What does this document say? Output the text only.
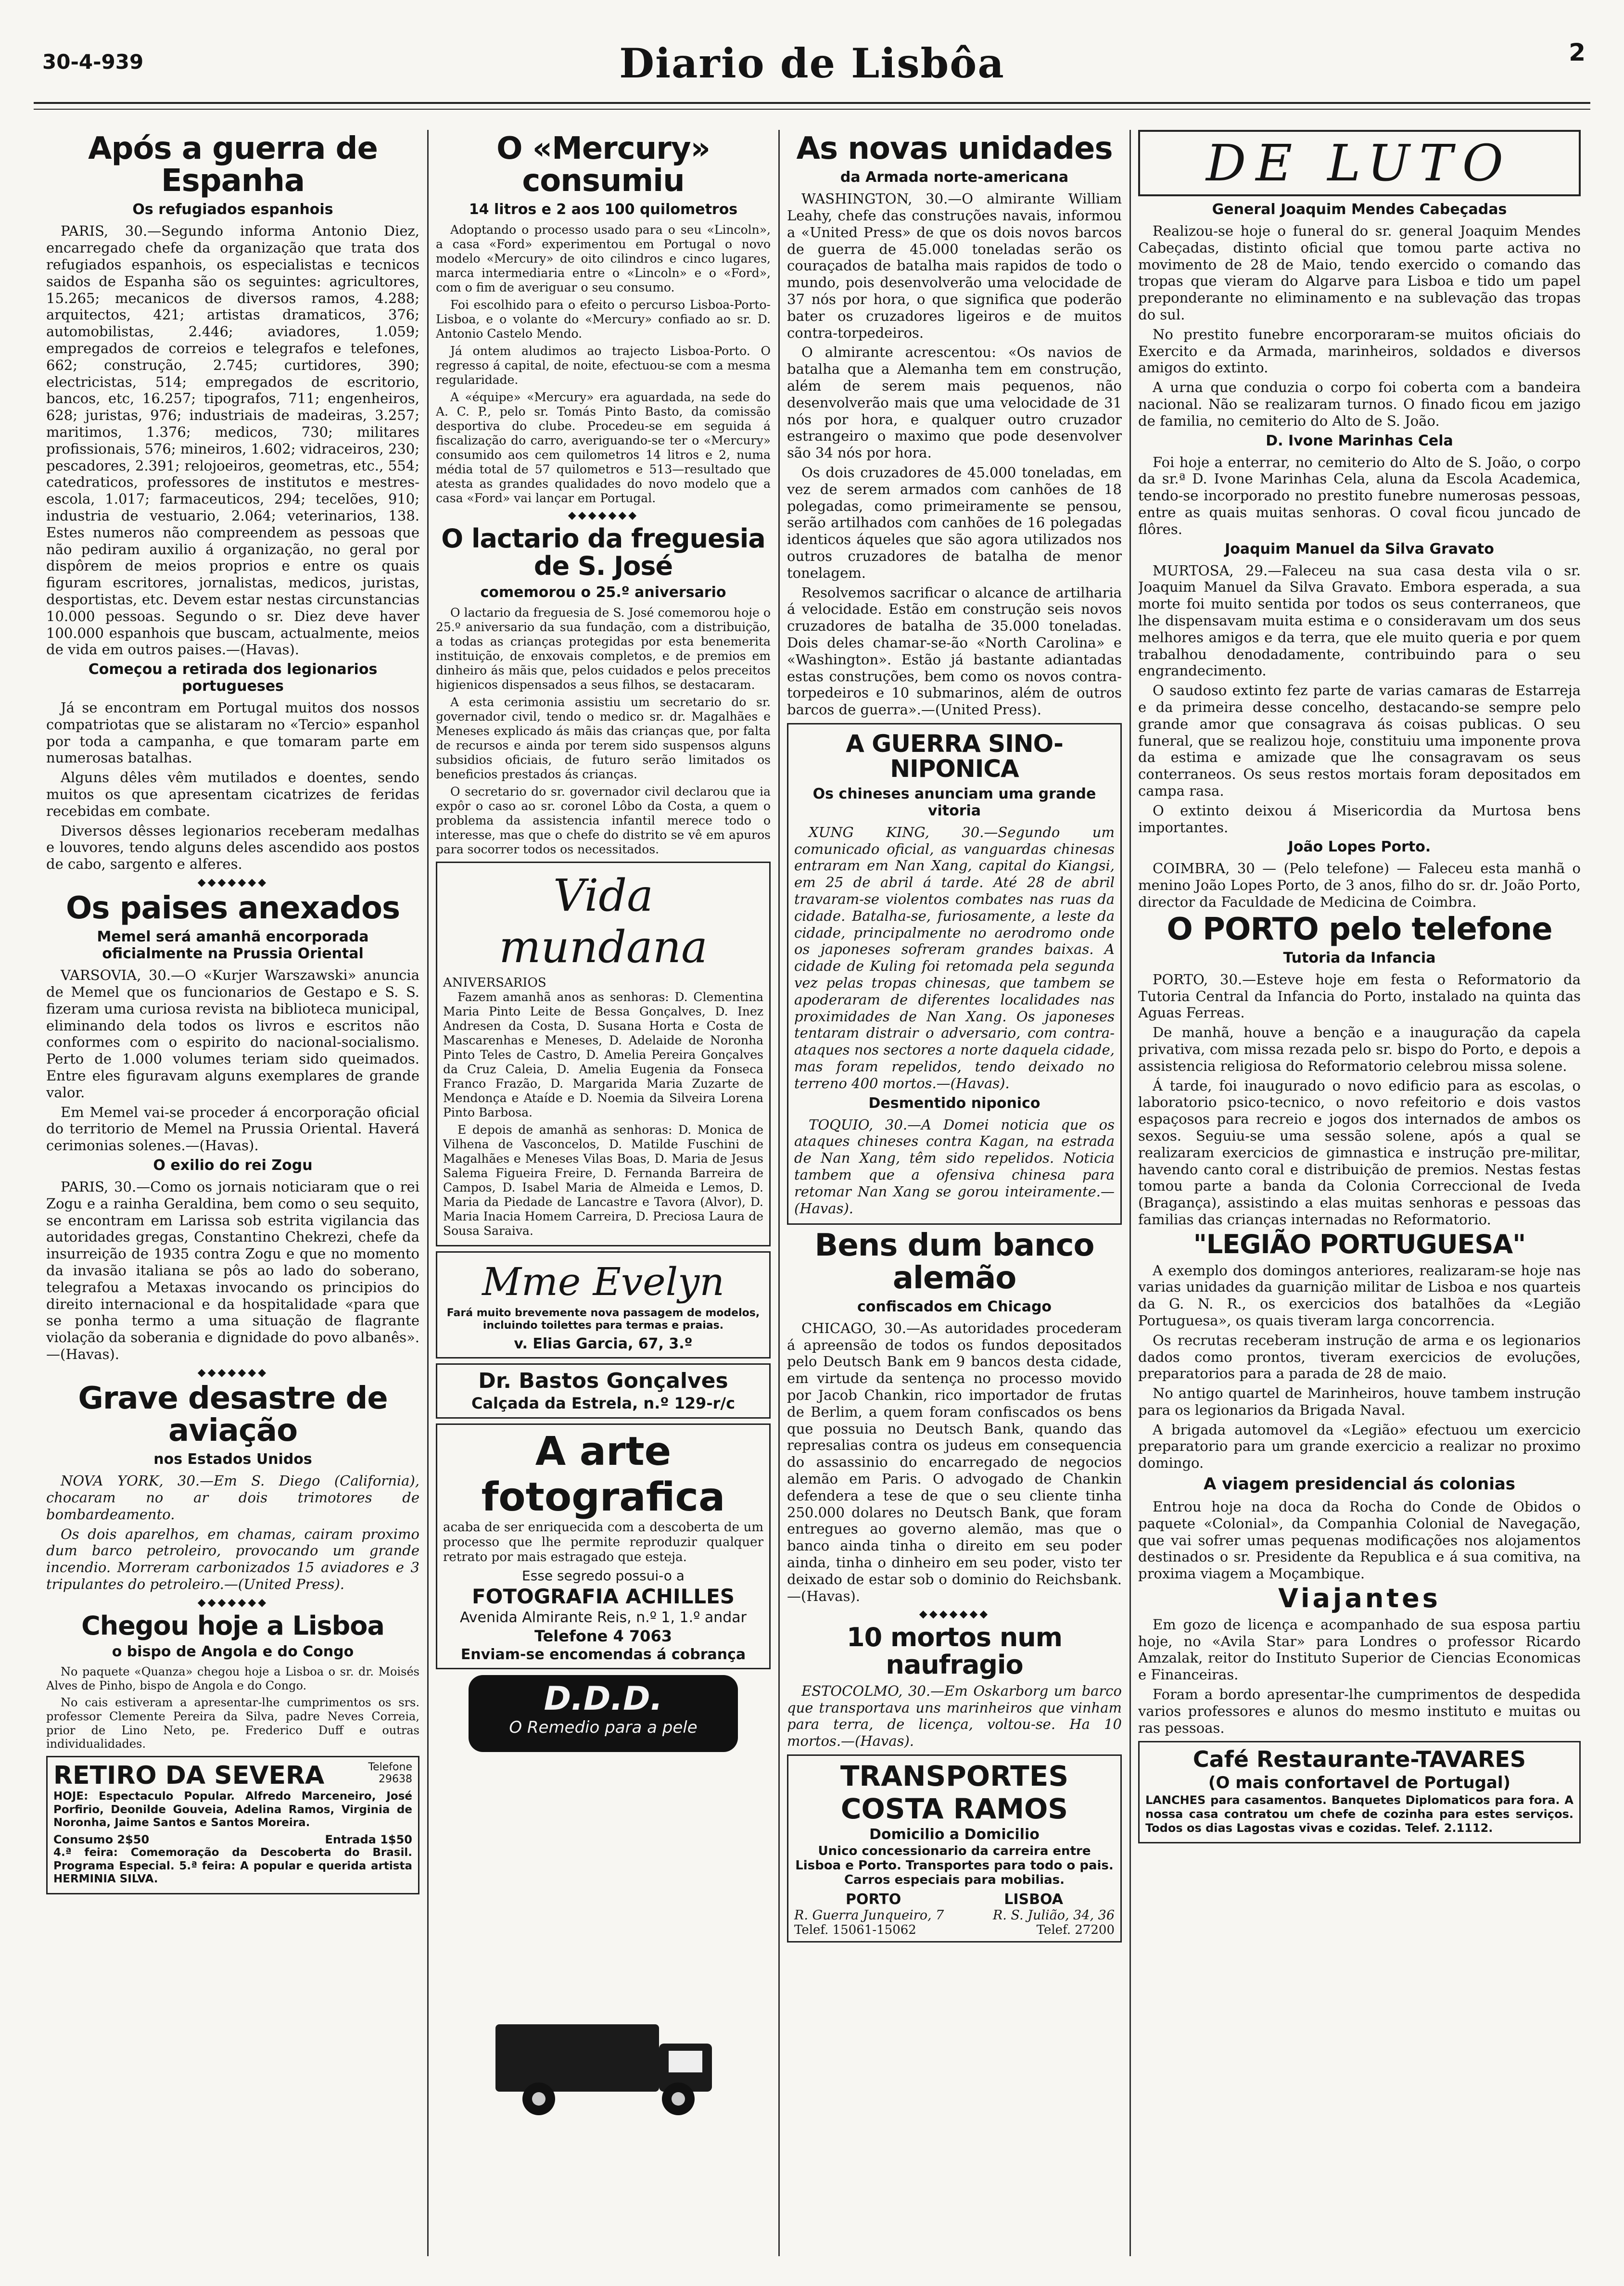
30-4-939	Diario de Lisbôa	2
Após a guerra de Espanha
Os refugiados espanhois

PARIS, 30.—Segundo informa Antonio Diez, encarregado chefe da organização que trata dos refugiados espanhois, os especialistas e tecnicos saidos de Espanha são os seguintes: agricultores, 15.265; mecanicos de diversos ramos, 4.288; arquitectos, 421; artistas dramaticos, 376; automobilistas, 2.446; aviadores, 1.059; empregados de correios e telegrafos e telefones, 662; construção, 2.745; curtidores, 390; electricistas, 514; empregados de escritorio, bancos, etc, 16.257; tipografos, 711; engenheiros, 628; juristas, 976; industriais de madeiras, 3.257; maritimos, 1.376; medicos, 730; militares profissionais, 576; mineiros, 1.602; vidraceiros, 230; pescadores, 2.391; relojoeiros, geometras, etc., 554; catedraticos, professores de institutos e mestres-escola, 1.017; farmaceuticos, 294; tecelões, 910; industria de vestuario, 2.064; veterinarios, 138. Estes numeros não compreendem as pessoas que não pediram auxilio á organização, no geral por dispôrem de meios proprios e entre os quais figuram escritores, jornalistas, medicos, juristas, desportistas, etc. Devem estar nestas circunstancias 10.000 pessoas. Segundo o sr. Diez deve haver 100.000 espanhois que buscam, actualmente, meios de vida em outros paises.—(Havas).

Começou a retirada dos legionarios portugueses

Já se encontram em Portugal muitos dos nossos compatriotas que se alistaram no «Tercio» espanhol por toda a campanha, e que tomaram parte em numerosas batalhas.

Alguns dêles vêm mutilados e doentes, sendo muitos os que apresentam cicatrizes de feridas recebidas em combate.

Diversos dêsses legionarios receberam medalhas e louvores, tendo alguns deles ascendido aos postos de cabo, sargento e alferes.

◆◆◆◆◆◆◆
Os paises anexados
Memel será amanhã encorporada oficialmente na Prussia Oriental

VARSOVIA, 30.—O «Kurjer Warszawski» anuncia de Memel que os funcionarios de Gestapo e S. S. fizeram uma curiosa revista na biblioteca municipal, eliminando dela todos os livros e escritos não conformes com o espirito do nacional-socialismo. Perto de 1.000 volumes teriam sido queimados. Entre eles figuravam alguns exemplares de grande valor.

Em Memel vai-se proceder á encorporação oficial do territorio de Memel na Prussia Oriental. Haverá cerimonias solenes.—(Havas).

O exilio do rei Zogu

PARIS, 30.—Como os jornais noticiaram que o rei Zogu e a rainha Geraldina, bem como o seu sequito, se encontram em Larissa sob estrita vigilancia das autoridades gregas, Constantino Chekrezi, chefe da insurreição de 1935 contra Zogu e que no momento da invasão italiana se pôs ao lado do soberano, telegrafou a Metaxas invocando os principios do direito internacional e da hospitalidade «para que se ponha termo a uma situação de flagrante violação da soberania e dignidade do povo albanês».—(Havas).

◆◆◆◆◆◆◆
Grave desastre de aviação
nos Estados Unidos

NOVA YORK, 30.—Em S. Diego (California), chocaram no ar dois trimotores de bombardeamento.

Os dois aparelhos, em chamas, cairam proximo dum barco petroleiro, provocando um grande incendio. Morreram carbonizados 15 aviadores e 3 tripulantes do petroleiro.—(United Press).

◆◆◆◆◆◆◆
Chegou hoje a Lisboa
o bispo de Angola e do Congo

No paquete «Quanza» chegou hoje a Lisboa o sr. dr. Moisés Alves de Pinho, bispo de Angola e do Congo.

No cais estiveram a apresentar-lhe cumprimentos os srs. professor Clemente Pereira da Silva, padre Neves Correia, prior de Lino Neto, pe. Frederico Duff e outras individualidades.

RETIRO DA SEVERA	Telefone 29638

HOJE: Espectaculo Popular. Alfredo Marceneiro, José Porfirio, Deonilde Gouveia, Adelina Ramos, Virginia de Noronha, Jaime Santos e Santos Moreira.

Consumo 2$50	Entrada 1$50

4.ª feira: Comemoração da Descoberta do Brasil. Programa Especial. 5.ª feira: A popular e querida artista HERMINIA SILVA.

O «Mercury» consumiu
14 litros e 2 aos 100 quilometros

Adoptando o processo usado para o seu «Lincoln», a casa «Ford» experimentou em Portugal o novo modelo «Mercury» de oito cilindros e cinco lugares, marca intermediaria entre o «Lincoln» e o «Ford», com o fim de averiguar o seu consumo.

Foi escolhido para o efeito o percurso Lisboa-Porto-Lisboa, e o volante do «Mercury» confiado ao sr. D. Antonio Castelo Mendo.

Já ontem aludimos ao trajecto Lisboa-Porto. O regresso á capital, de noite, efectuou-se com a mesma regularidade.

A «équipe» «Mercury» era aguardada, na sede do A. C. P., pelo sr. Tomás Pinto Basto, da comissão desportiva do clube. Procedeu-se em seguida á fiscalização do carro, averiguando-se ter o «Mercury» consumido aos cem quilometros 14 litros e 2, numa média total de 57 quilometros e 513—resultado que atesta as grandes qualidades do novo modelo que a casa «Ford» vai lançar em Portugal.

◆◆◆◆◆◆◆
O lactario da freguesia de S. José
comemorou o 25.º aniversario

O lactario da freguesia de S. José comemorou hoje o 25.º aniversario da sua fundação, com a distribuição, a todas as crianças protegidas por esta benemerita instituição, de enxovais completos, e de premios em dinheiro ás mãis que, pelos cuidados e pelos preceitos higienicos dispensados a seus filhos, se destacaram.

A esta cerimonia assistiu um secretario do sr. governador civil, tendo o medico sr. dr. Magalhães e Meneses explicado ás mãis das crianças que, por falta de recursos e ainda por terem sido suspensos alguns subsidios oficiais, de futuro serão limitados os beneficios prestados ás crianças.

O secretario do sr. governador civil declarou que ia expôr o caso ao sr. coronel Lôbo da Costa, a quem o problema da assistencia infantil merece todo o interesse, mas que o chefe do distrito se vê em apuros para socorrer todos os necessitados.

Vida mundana
ANIVERSARIOS

Fazem amanhã anos as senhoras: D. Clementina Maria Pinto Leite de Bessa Gonçalves, D. Inez Andresen da Costa, D. Susana Horta e Costa de Mascarenhas e Meneses, D. Adelaide de Noronha Pinto Teles de Castro, D. Amelia Pereira Gonçalves da Cruz Caleia, D. Amelia Eugenia da Fonseca Franco Frazão, D. Margarida Maria Zuzarte de Mendonça e Ataíde e D. Noemia da Silveira Lorena Pinto Barbosa.

E depois de amanhã as senhoras: D. Monica de Vilhena de Vasconcelos, D. Matilde Fuschini de Magalhães e Meneses Vilas Boas, D. Maria de Jesus Salema Figueira Freire, D. Fernanda Barreira de Campos, D. Isabel Maria de Almeida e Lemos, D. Maria da Piedade de Lancastre e Tavora (Alvor), D. Maria Inacia Homem Carreira, D. Preciosa Laura de Sousa Saraiva.

Mme Evelyn

Fará muito brevemente nova passagem de modelos, incluindo toilettes para termas e praias.

v. Elias Garcia, 67, 3.º
Dr. Bastos Gonçalves
Calçada da Estrela, n.º 129-r/c
A arte fotografica

acaba de ser enriquecida com a descoberta de um processo que lhe permite reproduzir qualquer retrato por mais estragado que esteja.

Esse segredo possui-o a
FOTOGRAFIA ACHILLES
Avenida Almirante Reis, n.º 1, 1.º andar
Telefone 4 7063
Enviam-se encomendas á cobrança
D.D.D.
O Remedio para a pele
As novas unidades
da Armada norte-americana

WASHINGTON, 30.—O almirante William Leahy, chefe das construções navais, informou a «United Press» de que os dois novos barcos de guerra de 45.000 toneladas serão os couraçados de batalha mais rapidos de todo o mundo, pois desenvolverão uma velocidade de 37 nós por hora, o que significa que poderão bater os cruzadores ligeiros e de muitos contra-torpedeiros.

O almirante acrescentou: «Os navios de batalha que a Alemanha tem em construção, além de serem mais pequenos, não desenvolverão mais que uma velocidade de 31 nós por hora, e qualquer outro cruzador estrangeiro o maximo que pode desenvolver são 34 nós por hora.

Os dois cruzadores de 45.000 toneladas, em vez de serem armados com canhões de 18 polegadas, como primeiramente se pensou, serão artilhados com canhões de 16 polegadas identicos áqueles que são agora utilizados nos outros cruzadores de batalha de menor tonelagem.

Resolvemos sacrificar o alcance de artilharia á velocidade. Estão em construção seis novos cruzadores de batalha de 35.000 toneladas. Dois deles chamar-se-ão «North Carolina» e «Washington». Estão já bastante adiantadas estas construções, bem como os novos contra-torpedeiros e 10 submarinos, além de outros barcos de guerra».—(United Press).

A GUERRA SINO-NIPONICA
Os chineses anunciam uma grande vitoria

XUNG KING, 30.—Segundo um comunicado oficial, as vanguardas chinesas entraram em Nan Xang, capital do Kiangsi, em 25 de abril á tarde. Até 28 de abril travaram-se violentos combates nas ruas da cidade. Batalha-se, furiosamente, a leste da cidade, principalmente no aerodromo onde os japoneses sofreram grandes baixas. A cidade de Kuling foi retomada pela segunda vez pelas tropas chinesas, que tambem se apoderaram de diferentes localidades nas proximidades de Nan Xang. Os japoneses tentaram distrair o adversario, com contra-ataques nos sectores a norte daquela cidade, mas foram repelidos, tendo deixado no terreno 400 mortos.—(Havas).

Desmentido niponico

TOQUIO, 30.—A Domei noticia que os ataques chineses contra Kagan, na estrada de Nan Xang, têm sido repelidos. Noticia tambem que a ofensiva chinesa para retomar Nan Xang se gorou inteiramente.—(Havas).

Bens dum banco alemão
confiscados em Chicago

CHICAGO, 30.—As autoridades procederam á apreensão de todos os fundos depositados pelo Deutsch Bank em 9 bancos desta cidade, em virtude da sentença no processo movido por Jacob Chankin, rico importador de frutas de Berlim, a quem foram confiscados os bens que possuia no Deutsch Bank, quando das represalias contra os judeus em consequencia do assassinio do encarregado de negocios alemão em Paris. O advogado de Chankin defendera a tese de que o seu cliente tinha 250.000 dolares no Deutsch Bank, que foram entregues ao governo alemão, mas que o banco ainda tinha o direito em seu poder ainda, tinha o dinheiro em seu poder, visto ter deixado de estar sob o dominio do Reichsbank.—(Havas).

◆◆◆◆◆◆◆
10 mortos num naufragio

ESTOCOLMO, 30.—Em Oskarborg um barco que transportava uns marinheiros que vinham para terra, de licença, voltou-se. Ha 10 mortos.—(Havas).

TRANSPORTES COSTA RAMOS
Domicilio a Domicilio
Unico concessionario da carreira entre Lisboa e Porto. Transportes para todo o pais. Carros especiais para mobilias.
PORTO	LISBOA
R. Guerra Junqueiro, 7	R. S. Julião, 34, 36
Telef. 15061-15062	Telef. 27200
DE LUTO
General Joaquim Mendes Cabeçadas

Realizou-se hoje o funeral do sr. general Joaquim Mendes Cabeçadas, distinto oficial que tomou parte activa no movimento de 28 de Maio, tendo exercido o comando das tropas que vieram do Algarve para Lisboa e tido um papel preponderante no eliminamento e na sublevação das tropas do sul.

No prestito funebre encorporaram-se muitos oficiais do Exercito e da Armada, marinheiros, soldados e diversos amigos do extinto.

A urna que conduzia o corpo foi coberta com a bandeira nacional. Não se realizaram turnos. O finado ficou em jazigo de familia, no cemiterio do Alto de S. João.

D. Ivone Marinhas Cela

Foi hoje a enterrar, no cemiterio do Alto de S. João, o corpo da sr.ª D. Ivone Marinhas Cela, aluna da Escola Academica, tendo-se incorporado no prestito funebre numerosas pessoas, entre as quais muitas senhoras. O coval ficou juncado de flôres.

Joaquim Manuel da Silva Gravato

MURTOSA, 29.—Faleceu na sua casa desta vila o sr. Joaquim Manuel da Silva Gravato. Embora esperada, a sua morte foi muito sentida por todos os seus conterraneos, que lhe dispensavam muita estima e o consideravam um dos seus melhores amigos e da terra, que ele muito queria e por quem trabalhou denodadamente, contribuindo para o seu engrandecimento.

O saudoso extinto fez parte de varias camaras de Estarreja e da primeira desse concelho, destacando-se sempre pelo grande amor que consagrava ás coisas publicas. O seu funeral, que se realizou hoje, constituiu uma imponente prova da estima e amizade que lhe consagravam os seus conterraneos. Os seus restos mortais foram depositados em campa rasa.

O extinto deixou á Misericordia da Murtosa bens importantes.

João Lopes Porto.

COIMBRA, 30 — (Pelo telefone) — Faleceu esta manhã o menino João Lopes Porto, de 3 anos, filho do sr. dr. João Porto, director da Faculdade de Medicina de Coimbra.

O PORTO pelo telefone
Tutoria da Infancia

PORTO, 30.—Esteve hoje em festa o Reformatorio da Tutoria Central da Infancia do Porto, instalado na quinta das Aguas Ferreas.

De manhã, houve a benção e a inauguração da capela privativa, com missa rezada pelo sr. bispo do Porto, e depois a assistencia religiosa do Reformatorio celebrou missa solene.

Á tarde, foi inaugurado o novo edificio para as escolas, o laboratorio psico-tecnico, o novo refeitorio e dois vastos espaçosos para recreio e jogos dos internados de ambos os sexos. Seguiu-se uma sessão solene, após a qual se realizaram exercicios de gimnastica e instrução pre-militar, havendo canto coral e distribuição de premios. Nestas festas tomou parte a banda da Colonia Correccional de Iveda (Bragança), assistindo a elas muitas senhoras e pessoas das familias das crianças internadas no Reformatorio.

"LEGIÃO PORTUGUESA"

A exemplo dos domingos anteriores, realizaram-se hoje nas varias unidades da guarnição militar de Lisboa e nos quarteis da G. N. R., os exercicios dos batalhões da «Legião Portuguesa», os quais tiveram larga concorrencia.

Os recrutas receberam instrução de arma e os legionarios dados como prontos, tiveram exercicios de evoluções, preparatorios para a parada de 28 de maio.

No antigo quartel de Marinheiros, houve tambem instrução para os legionarios da Brigada Naval.

A brigada automovel da «Legião» efectuou um exercicio preparatorio para um grande exercicio a realizar no proximo domingo.

A viagem presidencial ás colonias

Entrou hoje na doca da Rocha do Conde de Obidos o paquete «Colonial», da Companhia Colonial de Navegação, que vai sofrer umas pequenas modificações nos alojamentos destinados o sr. Presidente da Republica e á sua comitiva, na proxima viagem a Moçambique.

Viajantes

Em gozo de licença e acompanhado de sua esposa partiu hoje, no «Avila Star» para Londres o professor Ricardo Amzalak, reitor do Instituto Superior de Ciencias Economicas e Financeiras.

Foram a bordo apresentar-lhe cumprimentos de despedida varios professores e alunos do mesmo instituto e muitas ou ras pessoas.

Café Restaurante-TAVARES
(O mais confortavel de Portugal)

LANCHES para casamentos. Banquetes Diplomaticos para fora. A nossa casa contratou um chefe de cozinha para estes serviços. Todos os dias Lagostas vivas e cozidas. Telef. 2.1112.
